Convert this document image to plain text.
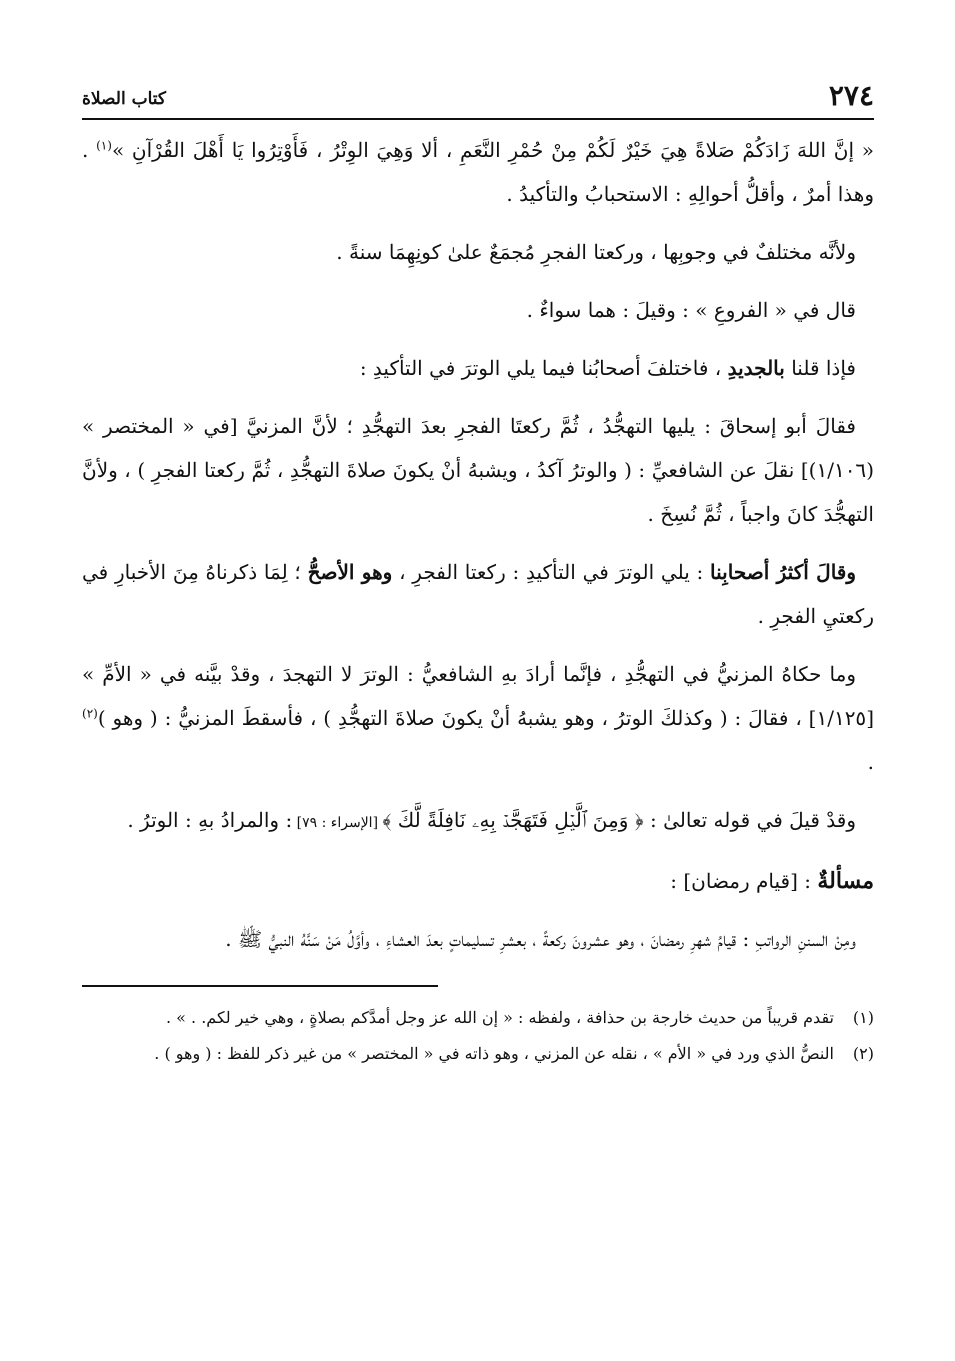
٢٧٤
كتاب الصلاة

« إنَّ اللهَ زَادَكُمْ صَلاةً هِيَ خَيْرٌ لَكُمْ مِنْ حُمْرِ النَّعَمِ ، ألا وَهِيَ الوِتْرُ ، فَأَوْتِرُوا يَا أَهْلَ القُرْآنِ »$^{(١)}$ . وهذا أمرٌ ، وأقلُّ أحوالِهِ : الاستحبابُ والتأكيدُ .

ولأنَّه مختلفٌ في وجوبِها ، وركعتا الفجرِ مُجمَعٌ علىٰ كونِهِمَا سنةً .

قال في « الفروعِ » : وقيلَ : هما سواءٌ .

فإذا قلنا بالجديدِ ، فاختلفَ أصحابُنا فيما يلي الوترَ في التأكيدِ :

فقالَ أبو إسحاقَ : يليها التهجُّدُ ، ثُمَّ ركعتَا الفجرِ بعدَ التهجُّدِ ؛ لأنَّ المزنيَّ [في « المختصر » (١/١٠٦)] نقلَ عن الشافعيِّ : ( والوترُ آكدُ ، ويشبهُ أنْ يكونَ صلاةَ التهجُّدِ ، ثُمَّ ركعتا الفجرِ ) ، ولأنَّ التهجُّدَ كانَ واجباً ، ثُمَّ نُسِخَ .

وقالَ أكثرُ أصحابِنا : يلي الوترَ في التأكيدِ : ركعتا الفجرِ ، وهو الأصحُّ ؛ لِمَا ذكرناهُ مِنَ الأخبارِ في ركعتيِ الفجرِ .

وما حكاهُ المزنيُّ في التهجُّدِ ، فإنَّما أرادَ بهِ الشافعيُّ : الوترَ لا التهجدَ ، وقدْ بيَّنه في « الأمِّ » [١/١٢٥] ، فقالَ : ( وكذلكَ الوترُ ، وهو يشبهُ أنْ يكونَ صلاةَ التهجُّدِ ) ، فأسقطَ المزنيُّ : ( وهو )$^{(٢)}$ .

وقدْ قيلَ في قوله تعالىٰ : ﴿ وَمِنَ ٱلَّيۡلِ فَتَهَجَّدۡ بِهِۦ نَافِلَةً لَّكَ ﴾ [الإسراء : ٧٩] : والمرادُ بهِ : الوترُ .

مسألةٌ : [قيام رمضان] :

ومِنْ السننِ الرواتبِ : قيامُ شهرِ رمضانَ ، وهو عشرونَ ركعةً ، بعشرِ تسليماتٍ بعدَ العشاءِ ، وأوَّلُ مَنْ سَنَّهُ النبيُّ ﷺ .

(١)
تقدم قريباً من حديث خارجة بن حذافة ، ولفظه : « إن الله عز وجل أمدَّكم بصلاةٍ ، وهي خير لكم. . » .
(٢)
النصُّ الذي ورد في « الأم » ، نقله عن المزني ، وهو ذاته في « المختصر » من غير ذكر للفظ : ( وهو ) .
